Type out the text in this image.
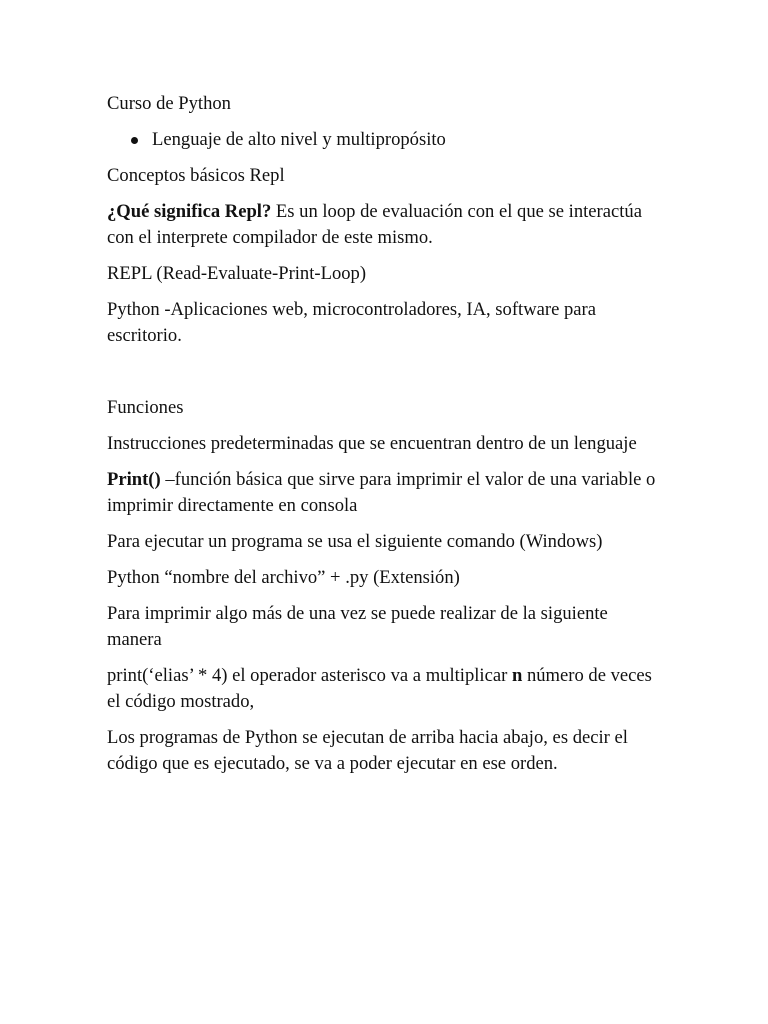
Curso de Python

Lenguaje de alto nivel y multipropósito

Conceptos básicos Repl

¿Qué significa Repl? Es un loop de evaluación con el que se interactúa con el interprete compilador de este mismo.

REPL (Read-Evaluate-Print-Loop)

Python -Aplicaciones web, microcontroladores, IA, software para escritorio.

Funciones

Instrucciones predeterminadas que se encuentran dentro de un lenguaje

Print() –función básica que sirve para imprimir el valor de una variable o imprimir directamente en consola

Para ejecutar un programa se usa el siguiente comando (Windows)

Python “nombre del archivo” + .py (Extensión)

Para imprimir algo más de una vez se puede realizar de la siguiente manera

print(‘elias’ * 4) el operador asterisco va a multiplicar n número de veces el código mostrado,

Los programas de Python se ejecutan de arriba hacia abajo, es decir el código que es ejecutado, se va a poder ejecutar en ese orden.
